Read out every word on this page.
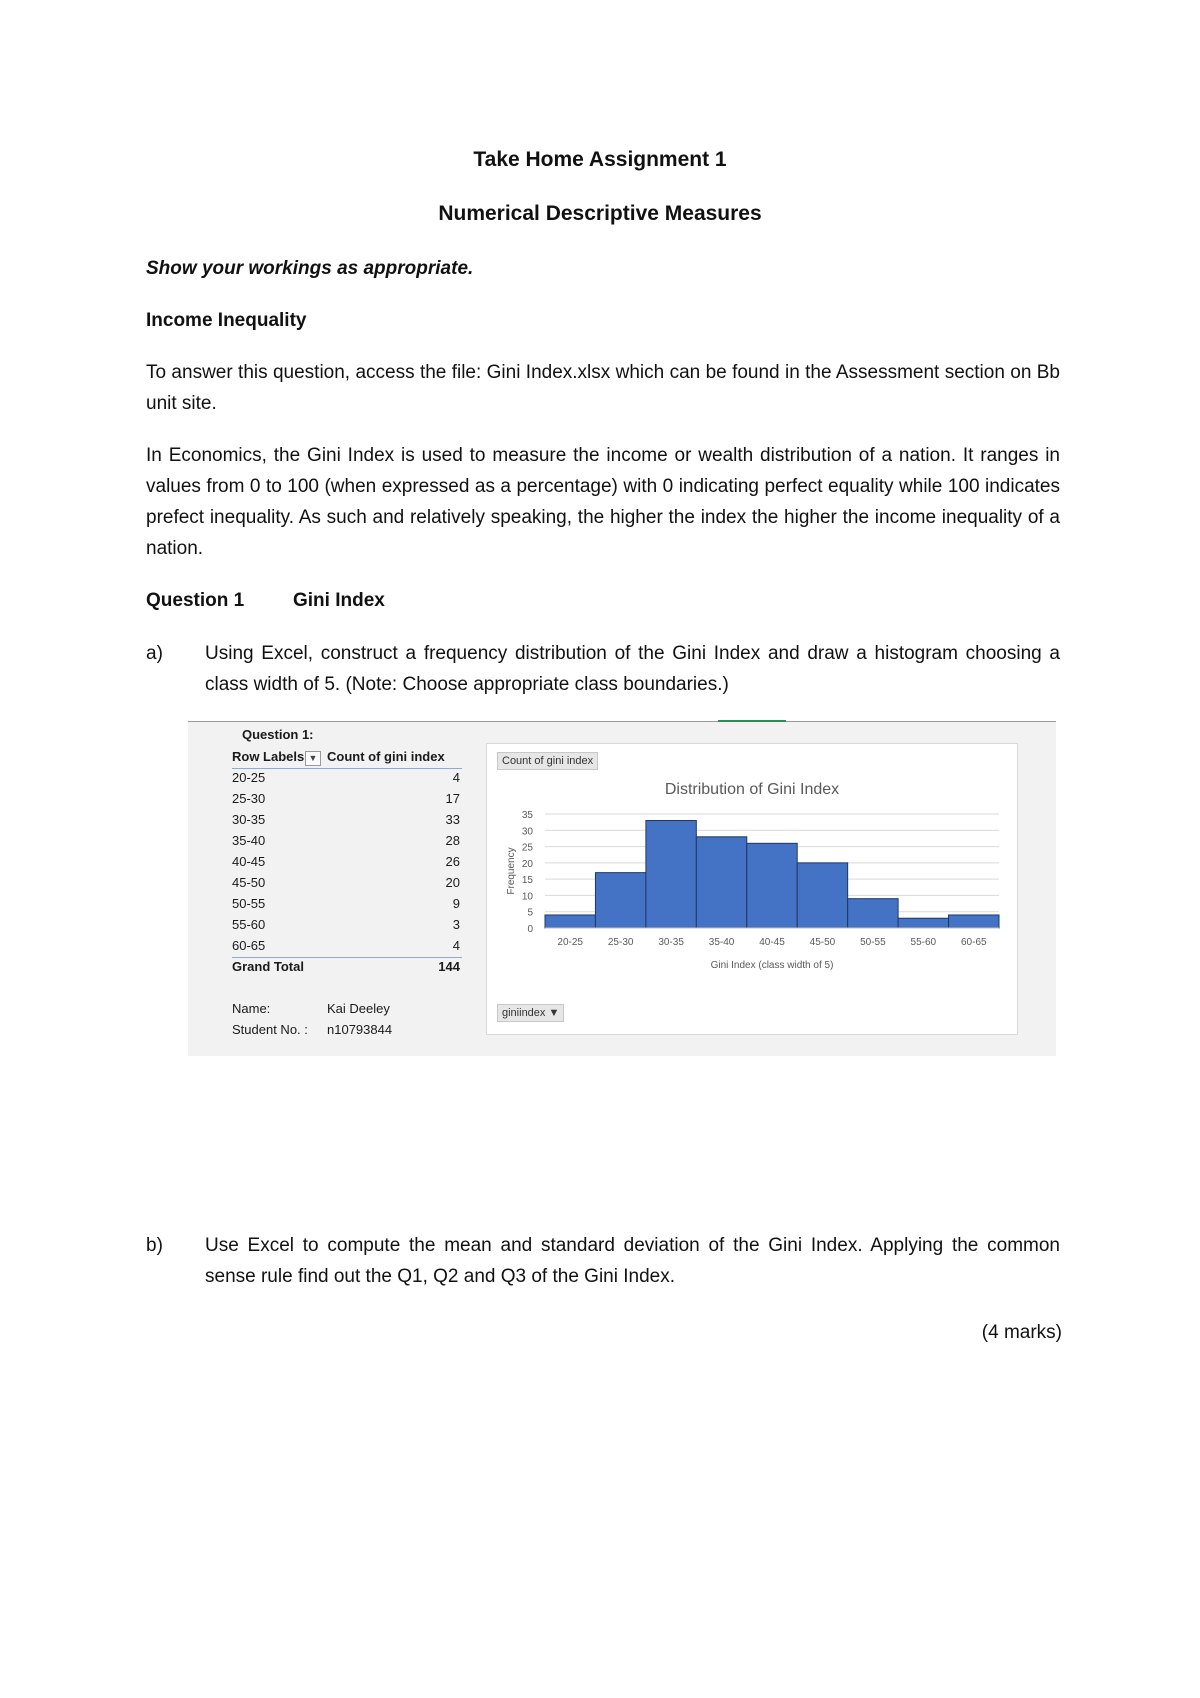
Take Home Assignment 1
Numerical Descriptive Measures
Show your workings as appropriate.
Income Inequality
To answer this question, access the file: Gini Index.xlsx which can be found in the Assessment section on Bb unit site.
In Economics, the Gini Index is used to measure the income or wealth distribution of a nation. It ranges in values from 0 to 100 (when expressed as a percentage) with 0 indicating perfect equality while 100 indicates prefect inequality. As such and relatively speaking, the higher the index the higher the income inequality of a nation.
Question 1	Gini Index
a) Using Excel, construct a frequency distribution of the Gini Index and draw a histogram choosing a class width of 5. (Note: Choose appropriate class boundaries.)
Question 1:
Row Labels ▼ Count of gini index
20-25	4
25-30	17
30-35	33
35-40	28
40-45	26
45-50	20
50-55	9
55-60	3
60-65	4
Grand Total	144
Name:	Kai Deeley
Student No. : n10793844
Count of gini index
Distribution of Gini Index
0
5
10
15
20
25
30
35
20-25 25-30 30-35 35-40 40-45 45-50 50-55 55-60 60-65
Gini Index (class width of 5)
Frequency
giniindex ▼
b) Use Excel to compute the mean and standard deviation of the Gini Index. Applying the common sense rule find out the Q1, Q2 and Q3 of the Gini Index.
(4 marks)
